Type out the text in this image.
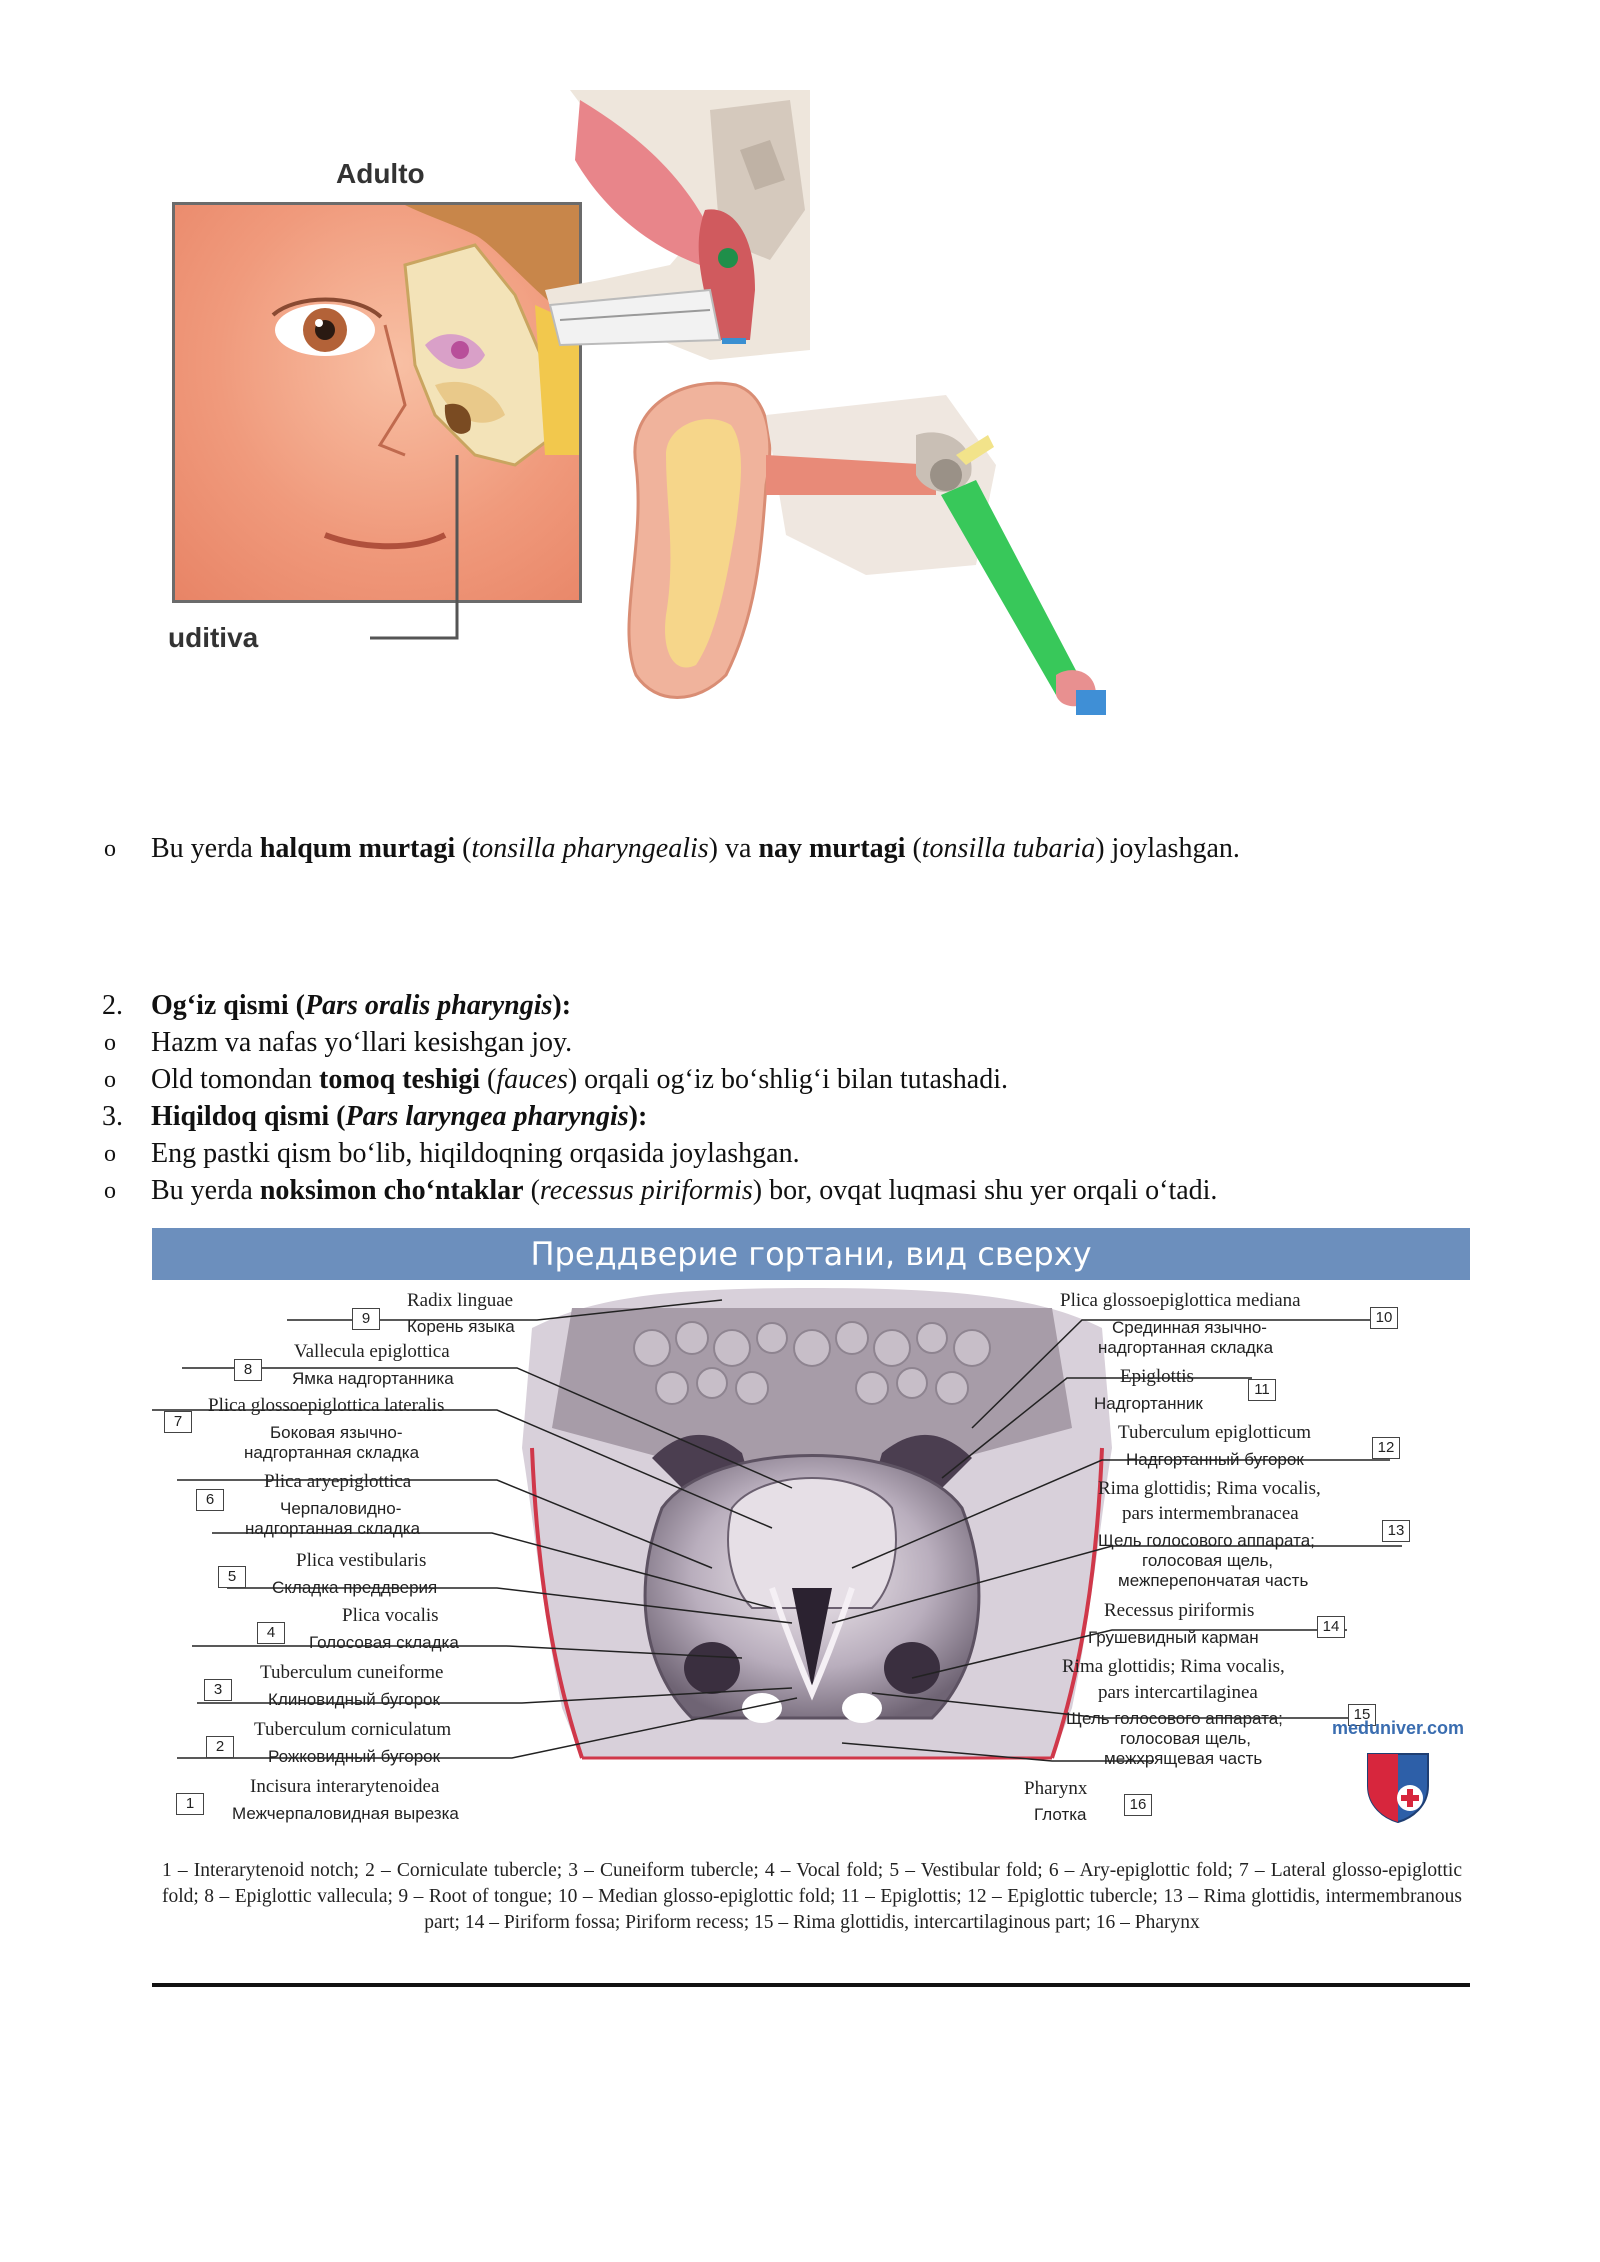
Adulto
uditiva
o	Bu yerda halqum murtagi (tonsilla pharyngealis) va nay murtagi (tonsilla tubaria) joylashgan.
2. Og‘iz qismi (Pars oralis pharyngis):
o	Hazm va nafas yo‘llari kesishgan joy.
o	Old tomondan tomoq teshigi (fauces) orqali og‘iz bo‘shlig‘i bilan tutashadi.
3. Hiqildoq qismi (Pars laryngea pharyngis):
o	Eng pastki qism bo‘lib, hiqildoqning orqasida joylashgan.
o	Bu yerda noksimon cho‘ntaklar (recessus piriformis) bor, ovqat luqmasi shu yer orqali o‘tadi.
Преддверие гортани, вид сверху
9
Radix linguae
Корень языка
8
Vallecula epiglottica
Ямка надгортанника
7
Plica glossoepiglottica lateralis
Боковая язычно-
надгортанная складка
6
Plica aryepiglottica
Черпаловидно-
надгортанная складка
5
Plica vestibularis
Складка преддверия
4
Plica vocalis
Голосовая складка
3
Tuberculum cuneiforme
Клиновидный бугорок
2
Tuberculum corniculatum
Рожковидный бугорок
1
Incisura interarytenoidea
Межчерпаловидная вырезка
Plica glossoepiglottica mediana
10
Срединная язычно-
надгортанная складка
Epiglottis
11
Надгортанник
Tuberculum epiglotticum
12
Надгортанный бугорок
Rima glottidis; Rima vocalis,
pars intermembranacea
13
Щель голосового аппарата;
голосовая щель,
межперепончатая часть
Recessus piriformis
14
Грушевидный карман
Rima glottidis; Rima vocalis,
pars intercartilaginea
15
Щель голосового аппарата;
голосовая щель,
межхрящевая часть
Pharynx
16
Глотка
meduniver.com
1 – Interarytenoid notch; 2 – Corniculate tubercle; 3 – Cuneiform tubercle; 4 – Vocal fold; 5 – Vestibular fold; 6 – Ary-epiglottic fold; 7 – Lateral glosso-epiglottic fold; 8 – Epiglottic vallecula; 9 – Root of tongue; 10 – Median glosso-epiglottic fold; 11 – Epiglottis; 12 – Epiglottic tubercle; 13 – Rima glottidis, intermembranous part; 14 – Piriform fossa; Piriform recess; 15 – Rima glottidis, intercartilaginous part; 16 – Pharynx
